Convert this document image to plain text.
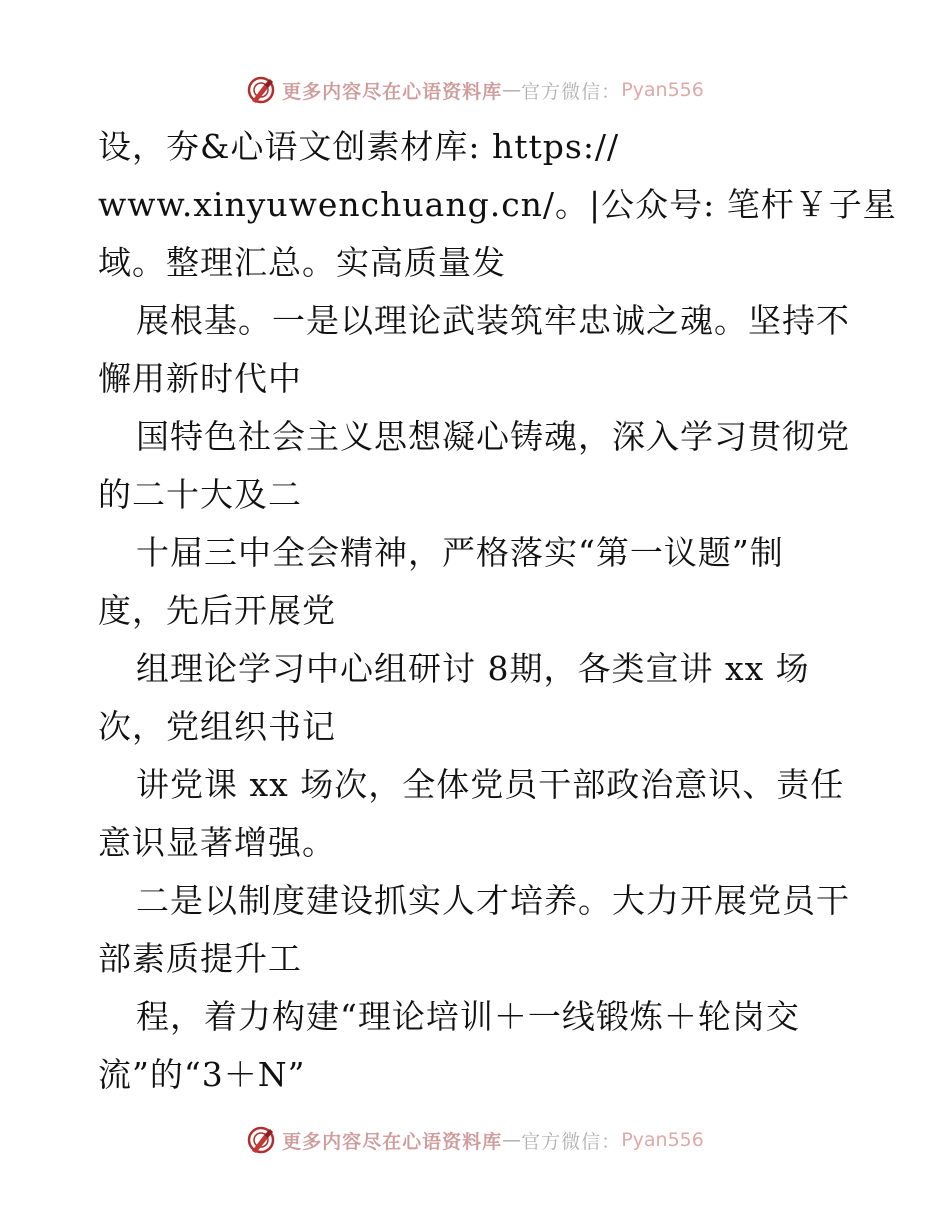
更多内容尽在心语资料库 — 官方微信： Pyan556
设，夯&心语文创素材库: https://
www.xinyuwenchuang.cn/。|公众号: 笔杆￥子星
域。整理汇总。实高质量发
展根基。一是以理论武装筑牢忠诚之魂。坚持不
懈用新时代中
国特色社会主义思想凝心铸魂，深入学习贯彻党
的二十大及二
十届三中全会精神，严格落实“第一议题”制
度，先后开展党
组理论学习中心组研讨 8期，各类宣讲 xx 场
次，党组织书记
讲党课 xx 场次，全体党员干部政治意识、责任
意识显著增强。
二是以制度建设抓实人才培养。大力开展党员干
部素质提升工
程，着力构建“理论培训＋一线锻炼＋轮岗交
流”的“3＋N”
更多内容尽在心语资料库 — 官方微信： Pyan556
